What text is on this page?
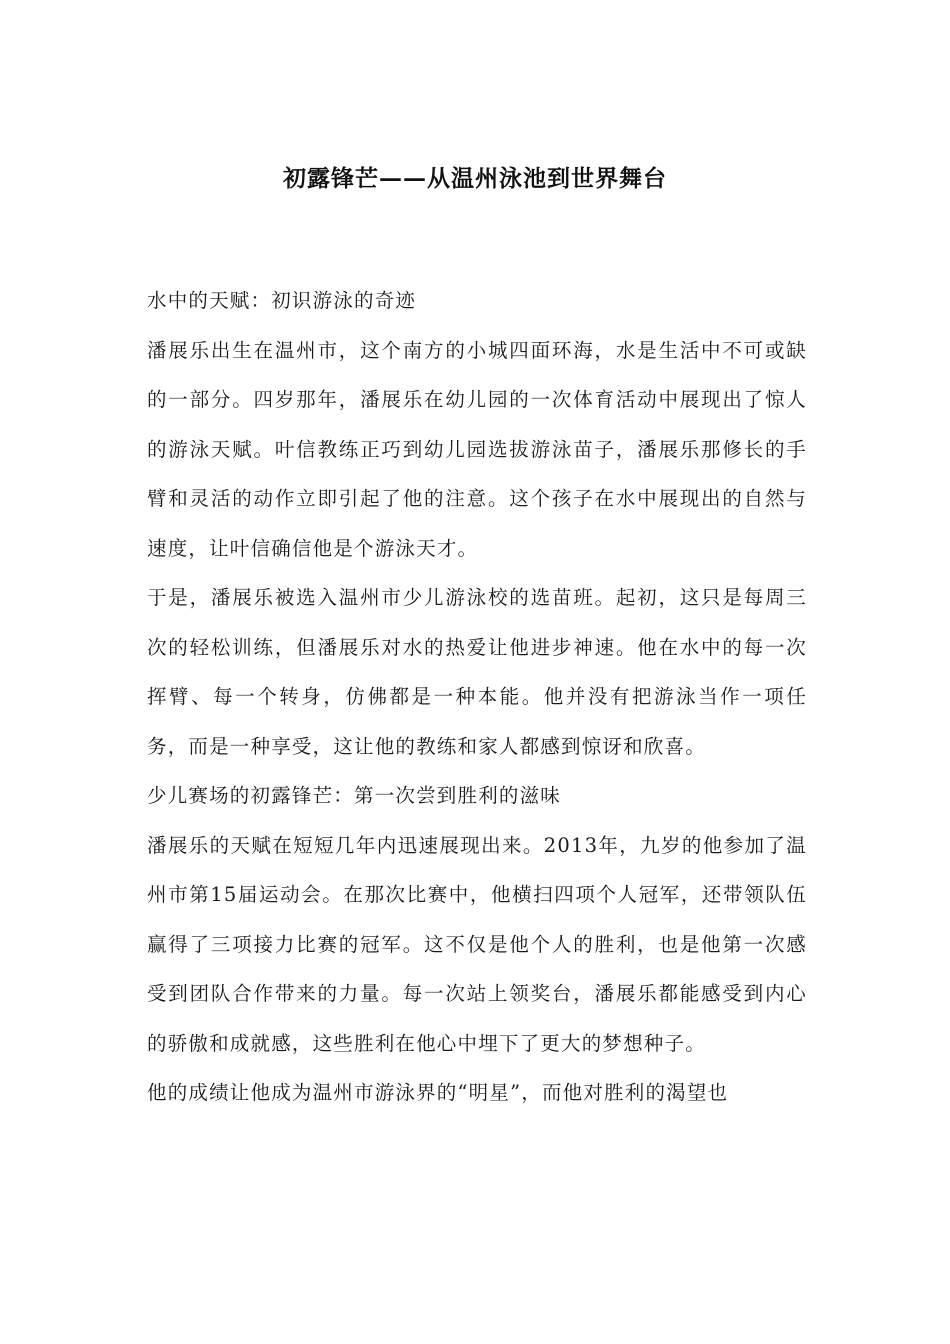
初露锋芒——从温州泳池到世界舞台

水中的天赋：初识游泳的奇迹

潘展乐出生在温州市，这个南方的小城四面环海，水是生活中不可或缺的一部分。四岁那年，潘展乐在幼儿园的一次体育活动中展现出了惊人的游泳天赋。叶信教练正巧到幼儿园选拔游泳苗子，潘展乐那修长的手臂和灵活的动作立即引起了他的注意。这个孩子在水中展现出的自然与速度，让叶信确信他是个游泳天才。

于是，潘展乐被选入温州市少儿游泳校的选苗班。起初，这只是每周三次的轻松训练，但潘展乐对水的热爱让他进步神速。他在水中的每一次挥臂、每一个转身，仿佛都是一种本能。他并没有把游泳当作一项任务，而是一种享受，这让他的教练和家人都感到惊讶和欣喜。

少儿赛场的初露锋芒：第一次尝到胜利的滋味

潘展乐的天赋在短短几年内迅速展现出来。2013年，九岁的他参加了温州市第15届运动会。在那次比赛中，他横扫四项个人冠军，还带领队伍赢得了三项接力比赛的冠军。这不仅是他个人的胜利，也是他第一次感受到团队合作带来的力量。每一次站上领奖台，潘展乐都能感受到内心的骄傲和成就感，这些胜利在他心中埋下了更大的梦想种子。

他的成绩让他成为温州市游泳界的“明星”，而他对胜利的渴望也
